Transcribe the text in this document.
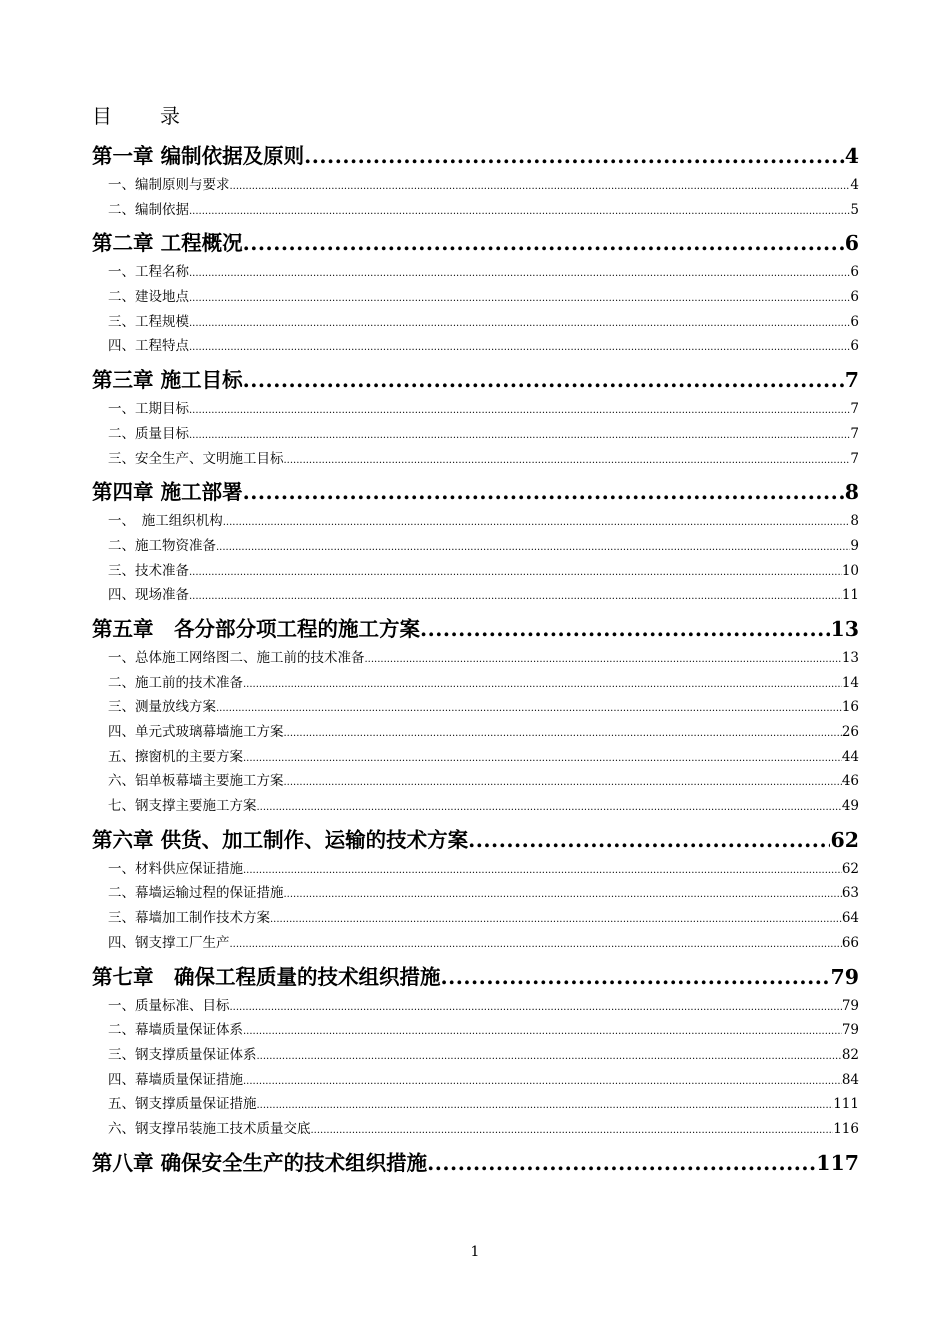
目　录
第一章 编制依据及原则 .....	4
一、编制原则与要求 .....	4
二、编制依据 .....	5
第二章 工程概况 .....	6
一、工程名称 .....	6
二、建设地点 .....	6
三、工程规模 .....	6
四、工程特点 .....	6
第三章 施工目标 .....	7
一、工期目标 .....	7
二、质量目标 .....	7
三、安全生产、文明施工目标 .....	7
第四章 施工部署 .....	8
一、　施工组织机构 .....	8
二、施工物资准备 .....	9
三、技术准备 .....	10
四、现场准备 .....	11
第五章　各分部分项工程的施工方案 .....	13
一、总体施工网络图二、施工前的技术准备 .....	13
二、施工前的技术准备 .....	14
三、测量放线方案 .....	16
四、单元式玻璃幕墙施工方案 .....	26
五、擦窗机的主要方案 .....	44
六、铝单板幕墙主要施工方案 .....	46
七、钢支撑主要施工方案 .....	49
第六章 供货、加工制作、运输的技术方案 .....	62
一、材料供应保证措施 .....	62
二、幕墙运输过程的保证措施 .....	63
三、幕墙加工制作技术方案 .....	64
四、钢支撑工厂生产 .....	66
第七章　确保工程质量的技术组织措施 .....	79
一、质量标准、目标 .....	79
二、幕墙质量保证体系 .....	79
三、钢支撑质量保证体系 .....	82
四、幕墙质量保证措施 .....	84
五、钢支撑质量保证措施 .....	111
六、钢支撑吊装施工技术质量交底 .....	116
第八章 确保安全生产的技术组织措施 .....	117
1
